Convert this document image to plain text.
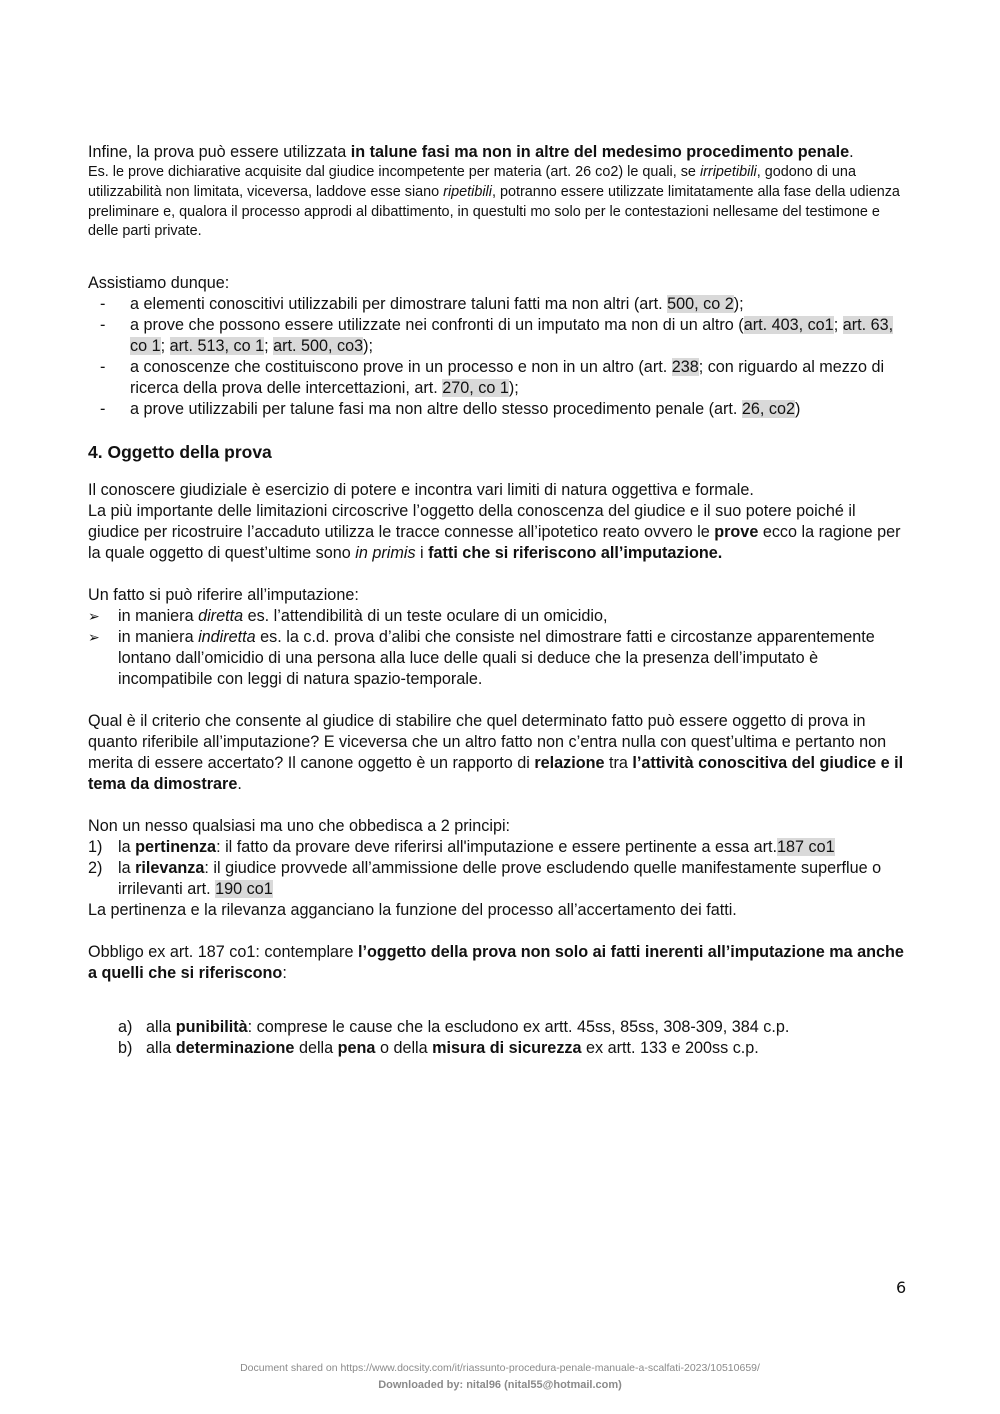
Infine, la prova può essere utilizzata in talune fasi ma non in altre del medesimo procedimento penale.

Es. le prove dichiarative acquisite dal giudice incompetente per materia (art. 26 co2) le quali, se irripetibili, godono di una utilizzabilità non limitata, viceversa, laddove esse siano ripetibili, potranno essere utilizzate limitatamente alla fase della udienza preliminare e, qualora il processo approdi al dibattimento, in questulti mo solo per le contestazioni nellesame del testimone e delle parti private.

Assistiamo dunque:

- a elementi conoscitivi utilizzabili per dimostrare taluni fatti ma non altri (art. 500, co 2);
- a prove che possono essere utilizzate nei confronti di un imputato ma non di un altro (art. 403, co1; art. 63, co 1; art. 513, co 1; art. 500, co3);
- a conoscenze che costituiscono prove in un processo e non in un altro (art. 238; con riguardo al mezzo di ricerca della prova delle intercettazioni, art. 270, co 1);
- a prove utilizzabili per talune fasi ma non altre dello stesso procedimento penale (art. 26, co2)
4. Oggetto della prova

Il conoscere giudiziale è esercizio di potere e incontra vari limiti di natura oggettiva e formale.

La più importante delle limitazioni circoscrive l’oggetto della conoscenza del giudice e il suo potere poiché il giudice per ricostruire l’accaduto utilizza le tracce connesse all’ipotetico reato ovvero le prove ecco la ragione per la quale oggetto di quest’ultime sono in primis i fatti che si riferiscono all’imputazione.

Un fatto si può riferire all’imputazione:

➢ in maniera diretta es. l’attendibilità di un teste oculare di un omicidio,
➢ in maniera indiretta es. la c.d. prova d’alibi che consiste nel dimostrare fatti e circostanze apparentemente lontano dall’omicidio di una persona alla luce delle quali si deduce che la presenza dell’imputato è incompatibile con leggi di natura spazio-temporale.

Qual è il criterio che consente al giudice di stabilire che quel determinato fatto può essere oggetto di prova in quanto riferibile all’imputazione? E viceversa che un altro fatto non c’entra nulla con quest’ultima e pertanto non merita di essere accertato? Il canone oggetto è un rapporto di relazione tra l’attività conoscitiva del giudice e il tema da dimostrare.

Non un nesso qualsiasi ma uno che obbedisca a 2 principi:

1) la pertinenza: il fatto da provare deve riferirsi all'imputazione e essere pertinente a essa art.187 co1
2) la rilevanza: il giudice provvede all’ammissione delle prove escludendo quelle manifestamente superflue o irrilevanti art. 190 co1

La pertinenza e la rilevanza agganciano la funzione del processo all’accertamento dei fatti.

Obbligo ex art. 187 co1: contemplare l’oggetto della prova non solo ai fatti inerenti all’imputazione ma anche a quelli che si riferiscono:

a) alla punibilità: comprese le cause che la escludono ex artt. 45ss, 85ss, 308-309, 384 c.p.
b) alla determinazione della pena o della misura di sicurezza ex artt. 133 e 200ss c.p.
6
Document shared on https://www.docsity.com/it/riassunto-procedura-penale-manuale-a-scalfati-2023/10510659/
Downloaded by: nital96 (nital55@hotmail.com)
